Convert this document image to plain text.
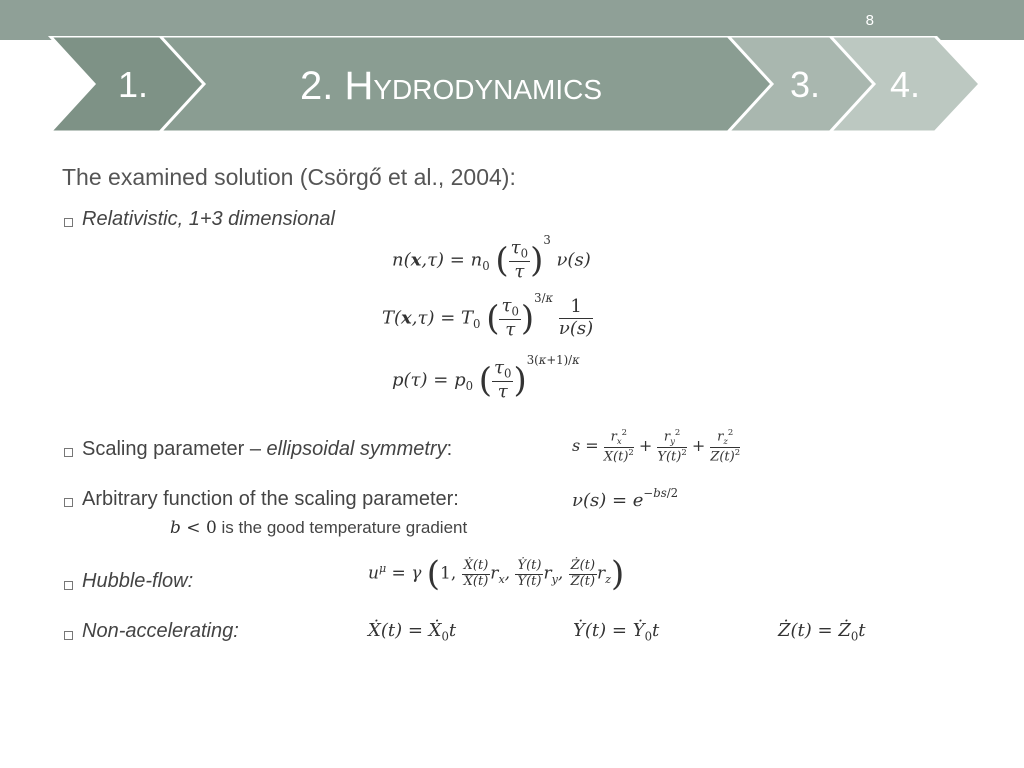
8
1.	2. Hydrodynamics	3. 4.
The examined solution (Csörgő et al., 2004):
Relativistic, 1+3 dimensional
$n(x,\tau) = n_0$ ( $\frac{\tau_0}{\tau} )^3$ ν(s)
$T(x,\tau) = T_0$ ( $\frac{\tau_0}{\tau} )^{3/\kappa} \frac{1}{\nu(s)}$
$p(\tau) = p_0$ ( $\frac{\tau_0}{\tau} )^{3(\kappa+1)/\kappa}$
Scaling parameter – ellipsoidal symmetry:	$s = \frac{r_x^2}{X(t)^2} + \frac{r_y^2}{Y(t)^2} + \frac{r_z^2}{Z(t)^2}$
Arbitrary function of the scaling parameter:	$\nu(s) = e^{-bs/2}$
b < 0 is the good temperature gradient
Hubble-flow:	$u^\mu = \gamma$ (1, $\frac{\text{Ẋ(t)}}{X(t)} r_x$, $\frac{\text{Ẏ(t)}}{Y(t)} r_y$, $\frac{Ż(t)}{Z(t)} r_z$)
Non-accelerating:	Ẋ(t) = Ẋ$_0$t	Ẏ(t) = Ẏ$_0$t	Ż(t) = $Ż_0t$
